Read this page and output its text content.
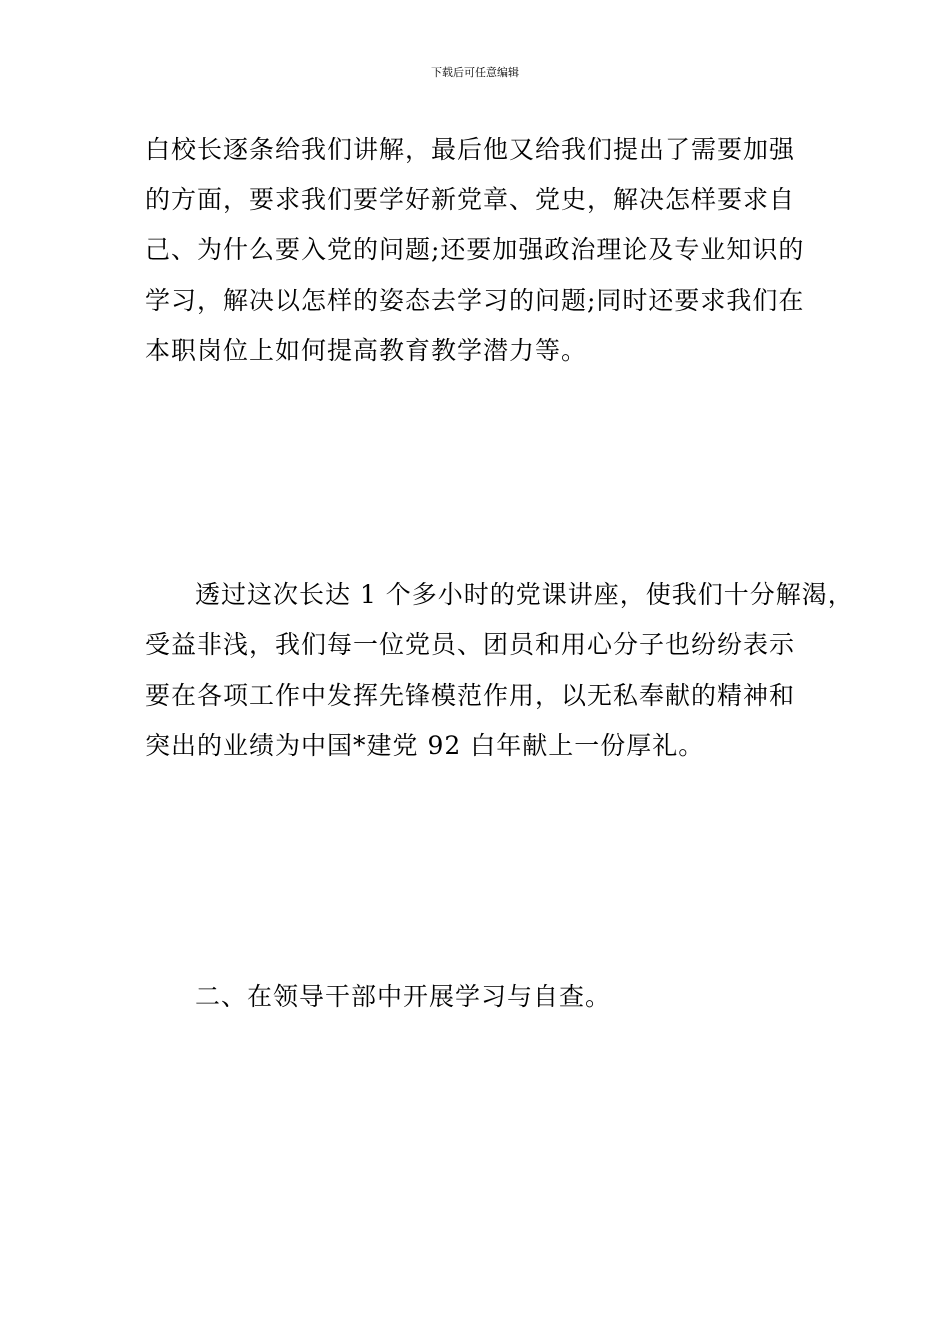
下载后可任意编辑
白校长逐条给我们讲解，最后他又给我们提出了需要加强
的方面，要求我们要学好新党章、党史，解决怎样要求自
己、为什么要入党的问题;还要加强政治理论及专业知识的
学习，解决以怎样的姿态去学习的问题;同时还要求我们在
本职岗位上如何提高教育教学潜力等。
透过这次长达 1 个多小时的党课讲座，使我们十分解渴，
受益非浅，我们每一位党员、团员和用心分子也纷纷表示
要在各项工作中发挥先锋模范作用，以无私奉献的精神和
突出的业绩为中国*建党 92 白年献上一份厚礼。
二、在领导干部中开展学习与自查。
